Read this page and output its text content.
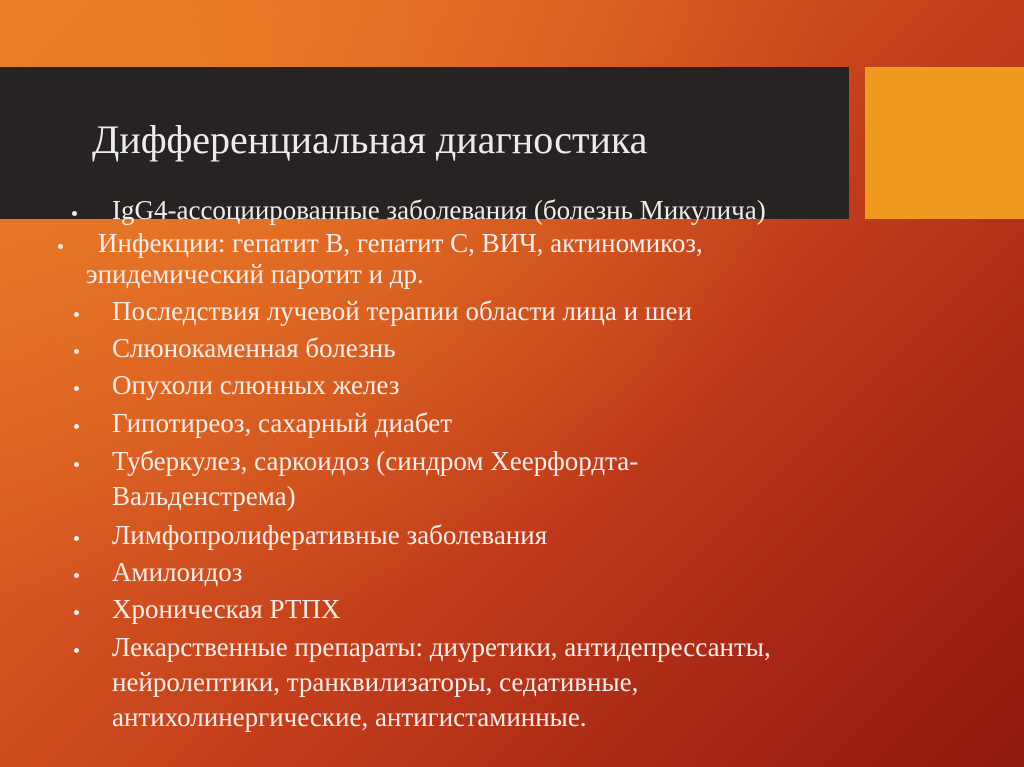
Дифференциальная диагностика
IgG4-ассоциированные заболевания (болезнь Микулича)
Инфекции: гепатит В, гепатит С, ВИЧ, актиномикоз,
эпидемический паротит и др.
Последствия лучевой терапии области лица и шеи
Слюнокаменная болезнь
Опухоли слюнных желез
Гипотиреоз, сахарный диабет
Туберкулез, саркоидоз (синдром Хеерфордта-
Вальденстрема)
Лимфопролиферативные заболевания
Амилоидоз
Хроническая РТПХ
Лекарственные препараты: диуретики, антидепрессанты,
нейролептики, транквилизаторы, седативные,
антихолинергические, антигистаминные.
